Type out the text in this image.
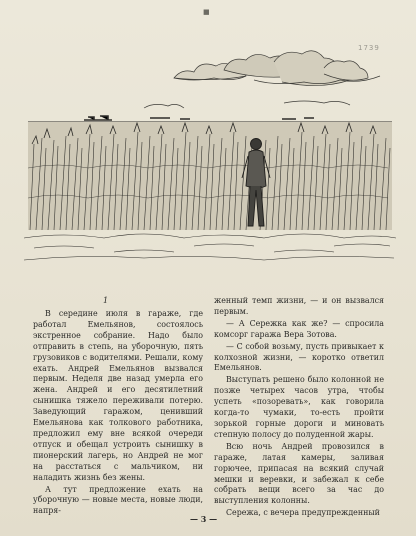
■
1739
1

В середине июля в гараже, где работал Емельянов, состоялось экстренное собрание. Надо было отправить в степь, на уборочную, пять грузовиков с водителями. Решали, кому ехать. Андрей Емельянов вызвался первым. Неделя две назад умерла его жена. Андрей и его десятилетний сынишка тяжело переживали потерю. Заведующий гаражом, ценивший Емельянова как толкового работника, предложил ему вне всякой очереди отпуск и обещал устроить сынишку в пионерский лагерь, но Андрей не мог на расстаться с мальчиком, ни наладить жизнь без жены.

А тут предложение ехать на уборочную — новые места, новые люди, напря-

женный темп жизни, — и он вызвался первым.

— А Сережка как же? — спросила комсорг гаража Вера Зотова.

— С собой возьму, пусть привыкает к колхозной жизни, — коротко ответил Емельянов.

Выступать решено было колонной не позже четырех часов утра, чтобы успеть «позоревать», как говорила когда-то чумаки, то-есть пройти зорькой горные дороги и миновать степную полосу до полуденной жары.

Всю ночь Андрей провозился в гараже, латая камеры, заливая горючее, припасая на всякий случай мешки и веревки, и забежал к себе собрать вещи всего за час до выступления колонны.

Сережа, с вечера предупрежденный

— 3 —
